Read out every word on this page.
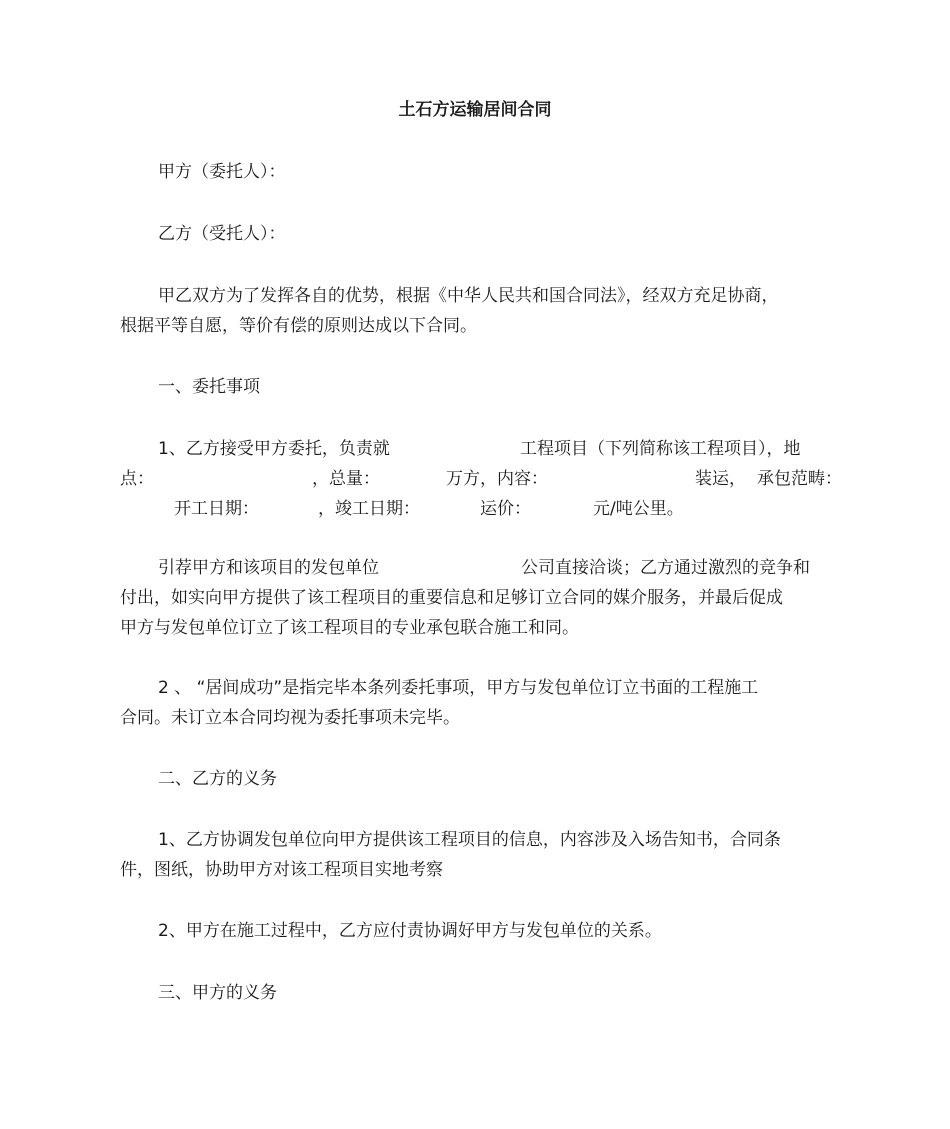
土石方运输居间合同

甲方（委托人）：

乙方（受托人）：

甲乙双方为了发挥各自的优势，根据《中华人民共和国合同法》，经双方充足协商，
根据平等自愿，等价有偿的原则达成以下合同。

一、委托事项

1、乙方接受甲方委托，负责就

	工程项目（下列简称该工程项目），地

点：

	，总量：

	万方，内容：

	装运，

承包范畴：

开工日期：

	，竣工日期：

	运价：

	元/吨公里。

引荐甲方和该项目的发包单位

	公司直接洽谈；乙方通过激烈的竞争和

付出，如实向甲方提供了该工程项目的重要信息和足够订立合同的媒介服务，并最后促成
甲方与发包单位订立了该工程项目的专业承包联合施工和同。

2 、 “居间成功”是指完毕本条列委托事项，甲方与发包单位订立书面的工程施工
合同。未订立本合同均视为委托事项未完毕。

二、乙方的义务

1、乙方协调发包单位向甲方提供该工程项目的信息，内容涉及入场告知书，合同条
件，图纸，协助甲方对该工程项目实地考察

2、甲方在施工过程中，乙方应付责协调好甲方与发包单位的关系。

三、甲方的义务
